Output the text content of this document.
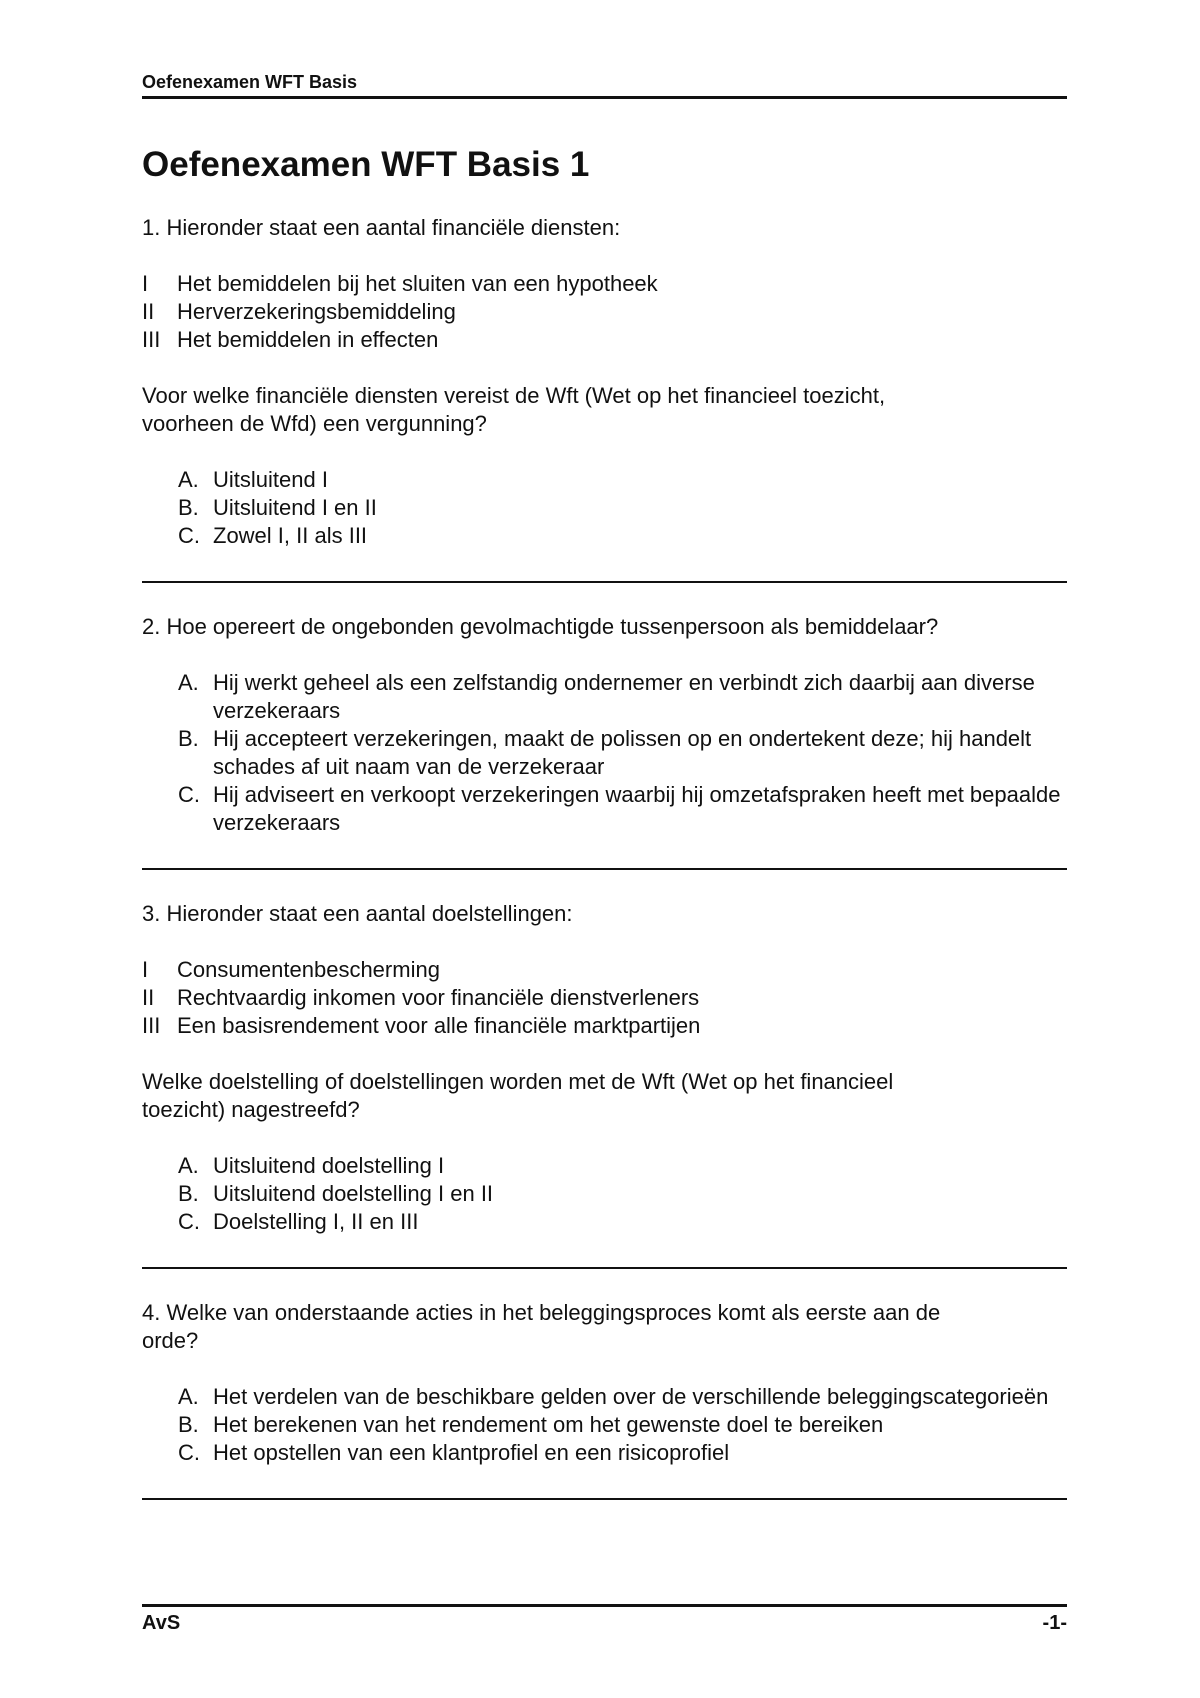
Oefenexamen WFT Basis
Oefenexamen WFT Basis 1

1. Hieronder staat een aantal financiële diensten:

I	Het bemiddelen bij het sluiten van een hypotheek
II	Herverzekeringsbemiddeling
III Het bemiddelen in effecten

Voor welke financiële diensten vereist de Wft (Wet op het financieel toezicht,

voorheen de Wfd) een vergunning?

A. Uitsluitend I
B. Uitsluitend I en II
C. Zowel I, II als III

2. Hoe opereert de ongebonden gevolmachtigde tussenpersoon als bemiddelaar?

A. Hij werkt geheel als een zelfstandig ondernemer en verbindt zich daarbij aan diverse verzekeraars
B. Hij accepteert verzekeringen, maakt de polissen op en ondertekent deze; hij handelt schades af uit naam van de verzekeraar
C. Hij adviseert en verkoopt verzekeringen waarbij hij omzetafspraken heeft met bepaalde verzekeraars

3. Hieronder staat een aantal doelstellingen:

I	Consumentenbescherming
II	Rechtvaardig inkomen voor financiële dienstverleners
III Een basisrendement voor alle financiële marktpartijen

Welke doelstelling of doelstellingen worden met de Wft (Wet op het financieel

toezicht) nagestreefd?

A. Uitsluitend doelstelling I
B. Uitsluitend doelstelling I en II
C. Doelstelling I, II en III

4. Welke van onderstaande acties in het beleggingsproces komt als eerste aan de

orde?

A. Het verdelen van de beschikbare gelden over de verschillende beleggingscategorieën
B. Het berekenen van het rendement om het gewenste doel te bereiken
C. Het opstellen van een klantprofiel en een risicoprofiel
AvS	-1-
